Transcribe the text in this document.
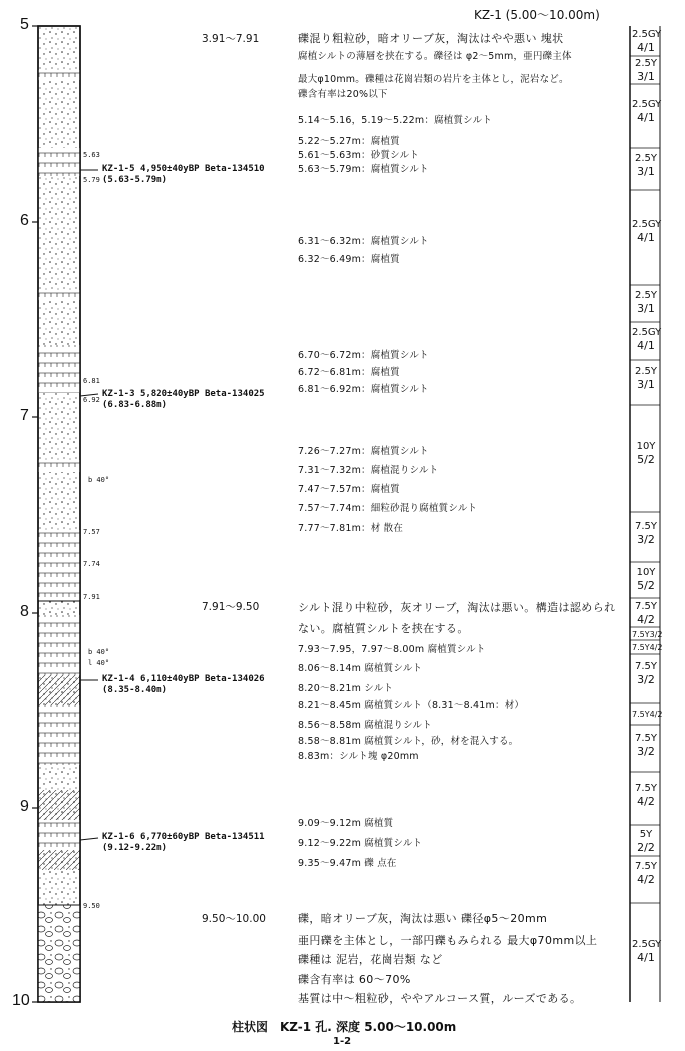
KZ-1 (5.00～10.00m)
5
6
7
8
9
10
5.63
5.79
6.81
6.92
7.57
7.74
7.91
9.50
b 40°
b 40°
l 40°
KZ-1-5 4,950±40yBP Beta-134510
(5.63-5.79m)
KZ-1-3 5,820±40yBP Beta-134025
(6.83-6.88m)
KZ-1-4 6,110±40yBP Beta-134026
(8.35-8.40m)
KZ-1-6 6,770±60yBP Beta-134511
(9.12-9.22m)
3.91～7.91
7.91～9.50
9.50～10.00
礫混り粗粒砂，暗オリーブ灰，淘汰はやや悪い 塊状
腐植シルトの薄層を挟在する。礫径は φ2～5mm，亜円礫主体
最大φ10mm。礫種は花崗岩類の岩片を主体とし，泥岩など。
礫含有率は20%以下
5.14～5.16，5.19～5.22m：腐植質シルト
5.22～5.27m：腐植質
5.61～5.63m：砂質シルト
5.63～5.79m：腐植質シルト
6.31～6.32m：腐植質シルト
6.32～6.49m：腐植質
6.70～6.72m：腐植質シルト
6.72～6.81m：腐植質
6.81～6.92m：腐植質シルト
7.26～7.27m：腐植質シルト
7.31～7.32m：腐植混りシルト
7.47～7.57m：腐植質
7.57～7.74m：細粒砂混り腐植質シルト
7.77～7.81m：材 散在
シルト混り中粒砂，灰オリーブ，淘汰は悪い。構造は認められ
ない。腐植質シルトを挟在する。
7.93～7.95，7.97～8.00m 腐植質シルト
8.06～8.14m 腐植質シルト
8.20～8.21m シルト
8.21～8.45m 腐植質シルト（8.31～8.41m：材）
8.56～8.58m 腐植混りシルト
8.58～8.81m 腐植質シルト，砂，材を混入する。
8.83m：シルト塊 φ20mm
9.09～9.12m 腐植質
9.12～9.22m 腐植質シルト
9.35～9.47m 礫 点在
礫，暗オリーブ灰，淘汰は悪い 礫径φ5～20mm
亜円礫を主体とし，一部円礫もみられる 最大φ70mm以上
礫種は 泥岩，花崗岩類 など
礫含有率は 60～70%
基質は中～粗粒砂，ややアルコース質，ルーズである。
2.5GY
4/1
2.5Y
3/1
2.5GY
4/1
2.5Y
3/1
2.5GY
4/1
2.5Y
3/1
2.5GY
4/1
2.5Y
3/1
10Y
5/2
7.5Y
3/2
10Y
5/2
7.5Y
4/2
7.5Y3/2
7.5Y4/2
7.5Y
3/2
7.5Y4/2
7.5Y
3/2
7.5Y
4/2
5Y
2/2
7.5Y
4/2
2.5GY
4/1
柱状図　KZ-1 孔. 深度 5.00～10.00m
1-2
